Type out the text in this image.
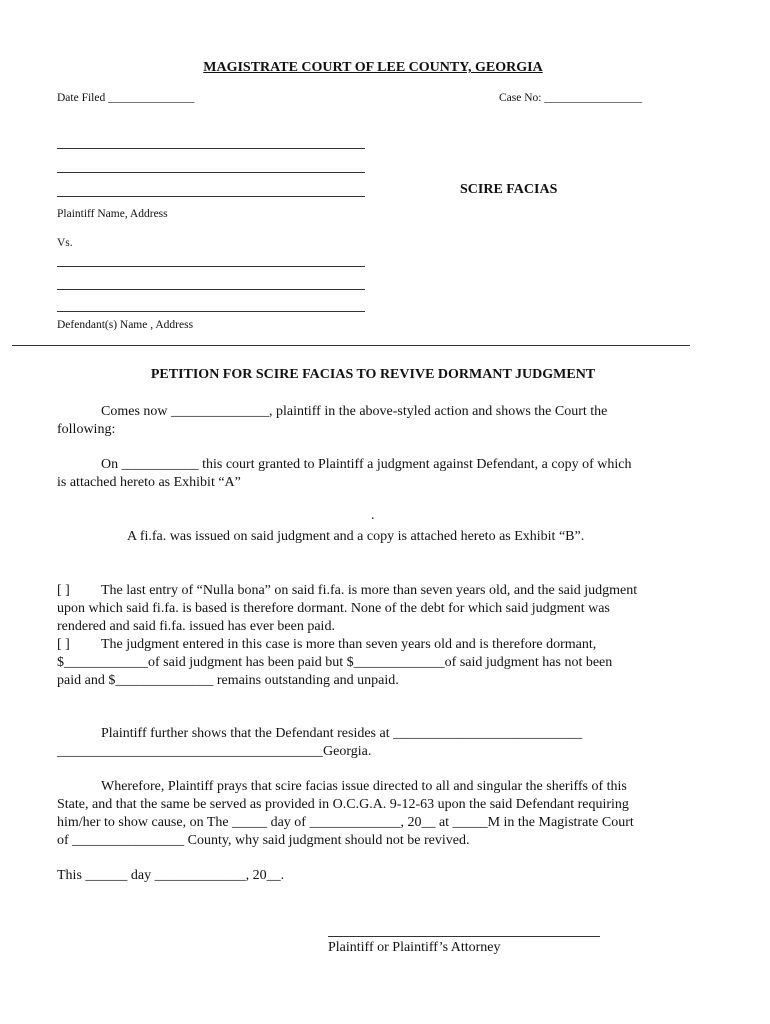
MAGISTRATE COURT OF LEE COUNTY, GEORGIA
Date Filed _______________	Case No: _________________
SCIRE FACIAS
Plaintiff Name, Address
Vs.
Defendant(s) Name , Address
PETITION FOR SCIRE FACIAS TO REVIVE DORMANT JUDGMENT
Comes now ______________, plaintiff in the above-styled action and shows the Court the
following:
On ___________ this court granted to Plaintiff a judgment against Defendant, a copy of which
is attached hereto as Exhibit “A”
.
A fi.fa. was issued on said judgment and a copy is attached hereto as Exhibit “B”.
[ ] The last entry of “Nulla bona” on said fi.fa. is more than seven years old, and the said judgment
upon which said fi.fa. is based is therefore dormant. None of the debt for which said judgment was
rendered and said fi.fa. issued has ever been paid.
[ ] The judgment entered in this case is more than seven years old and is therefore dormant,
$____________of said judgment has been paid but $_____________of said judgment has not been
paid and $______________ remains outstanding and unpaid.
Plaintiff further shows that the Defendant resides at ___________________________
______________________________________Georgia.
Wherefore, Plaintiff prays that scire facias issue directed to all and singular the sheriffs of this
State, and that the same be served as provided in O.C.G.A. 9-12-63 upon the said Defendant requiring
him/her to show cause, on The _____ day of _____________, 20__ at _____M in the Magistrate Court
of ________________ County, why said judgment should not be revived.
This ______ day _____________, 20__.
Plaintiff or Plaintiff’s Attorney
